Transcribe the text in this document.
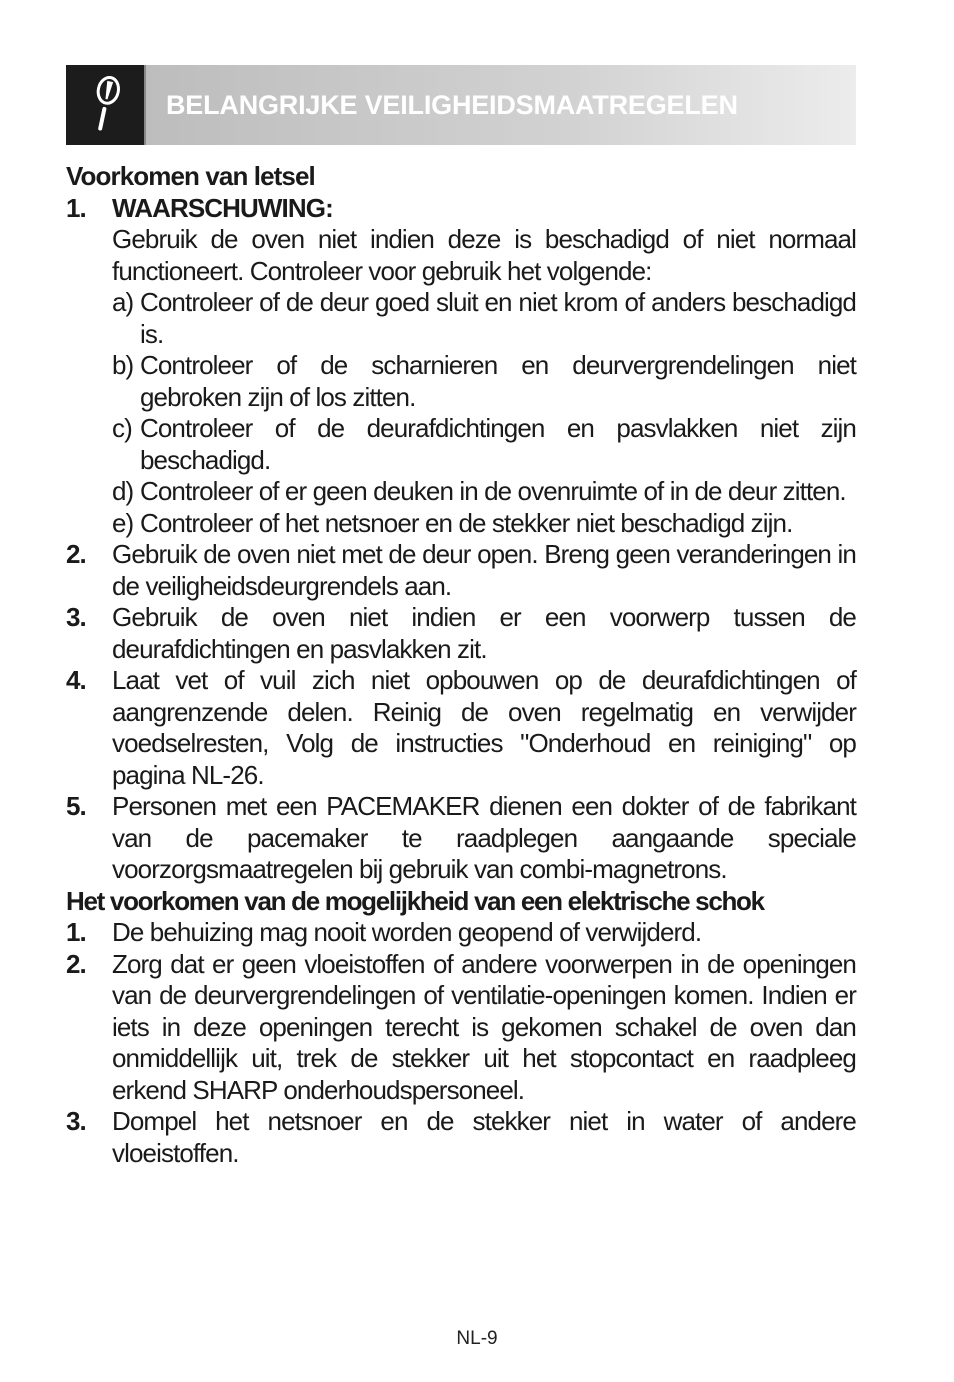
BELANGRIJKE VEILIGHEIDSMAATREGELEN

Voorkomen van letsel

1. WAARSCHUWING:
Gebruik de oven niet indien deze is beschadigd of niet normaal functioneert. Controleer voor gebruik het volgende:
a) Controleer of de deur goed sluit en niet krom of anders beschadigd is.
b) Controleer of de scharnieren en deurvergrendelingen niet gebroken zijn of los zitten.
c) Controleer of de deurafdichtingen en pasvlakken niet zijn beschadigd.
d) Controleer of er geen deuken in de ovenruimte of in de deur zitten.
e) Controleer of het netsnoer en de stekker niet beschadigd zijn.
2. Gebruik de oven niet met de deur open. Breng geen veranderingen in de veiligheidsdeurgrendels aan.
3. Gebruik de oven niet indien er een voorwerp tussen de deurafdichtingen en pasvlakken zit.
4. Laat vet of vuil zich niet opbouwen op de deurafdichtingen of aangrenzende delen. Reinig de oven regelmatig en verwijder voedselresten, Volg de instructies "Onderhoud en reiniging" op pagina NL-26.
5. Personen met een PACEMAKER dienen een dokter of de fabrikant van de pacemaker te raadplegen aangaande speciale voorzorgsmaatregelen bij gebruik van combi-magnetrons.

Het voorkomen van de mogelijkheid van een elektrische schok

1. De behuizing mag nooit worden geopend of verwijderd.
2. Zorg dat er geen vloeistoffen of andere voorwerpen in de openingen van de deurvergrendelingen of ventilatie-openingen komen. Indien er iets in deze openingen terecht is gekomen schakel de oven dan onmiddellijk uit, trek de stekker uit het stopcontact en raadpleeg erkend SHARP onderhoudspersoneel.
3. Dompel het netsnoer en de stekker niet in water of andere vloeistoffen.
NL-9
